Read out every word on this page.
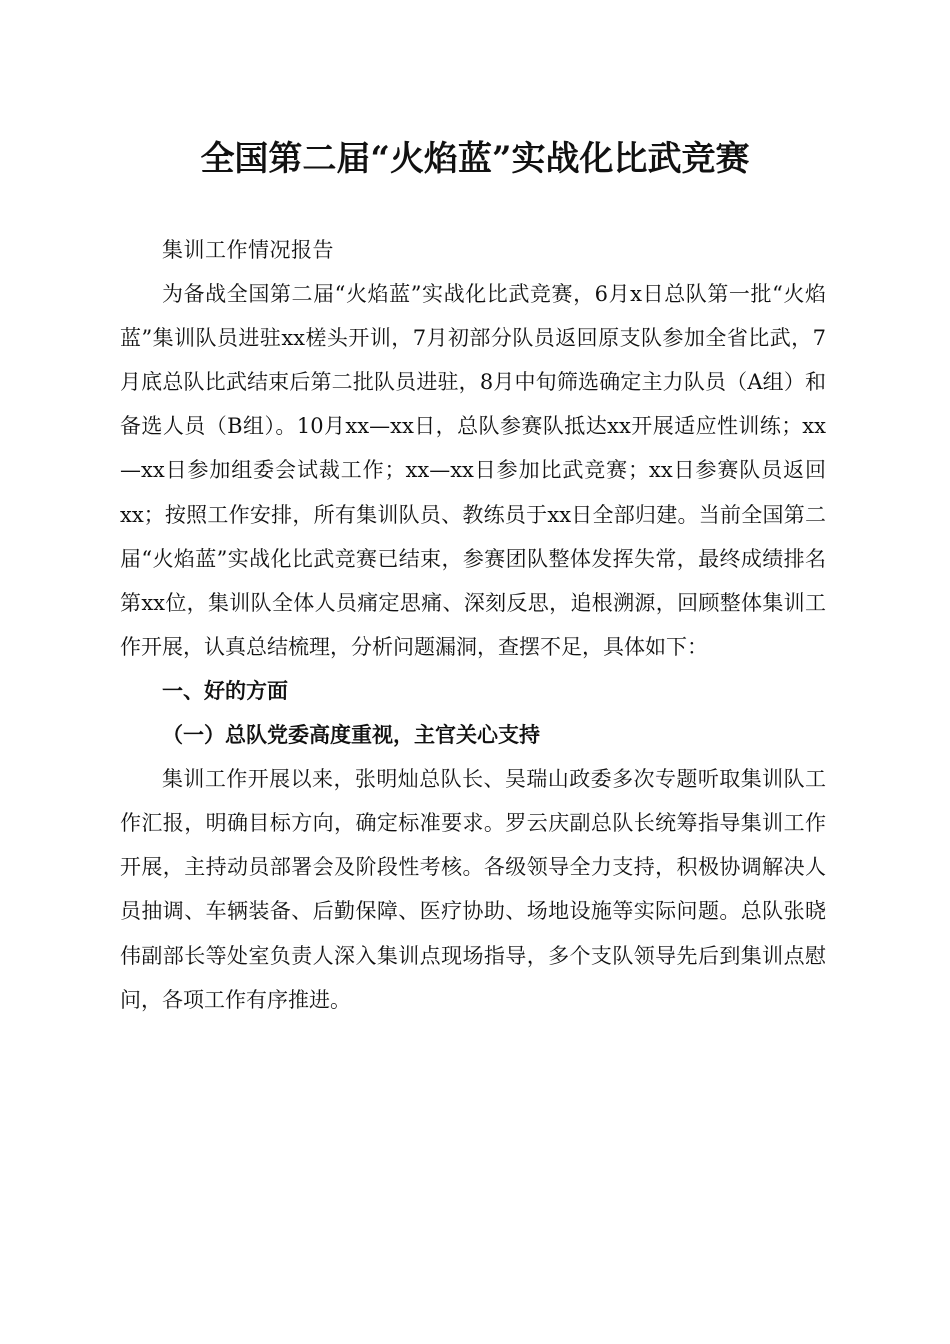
全国第二届“火焰蓝”实战化比武竞赛

集训工作情况报告

为备战全国第二届“火焰蓝”实战化比武竞赛，6月x日总队第一批“火焰蓝”集训队员进驻xx槎头开训，7月初部分队员返回原支队参加全省比武，7月底总队比武结束后第二批队员进驻，8月中旬筛选确定主力队员（A组）和备选人员（B组）。10月xx—xx日，总队参赛队抵达xx开展适应性训练；xx—xx日参加组委会试裁工作；xx—xx日参加比武竞赛；xx日参赛队员返回xx；按照工作安排，所有集训队员、教练员于xx日全部归建。当前全国第二届“火焰蓝”实战化比武竞赛已结束，参赛团队整体发挥失常，最终成绩排名第xx位，集训队全体人员痛定思痛、深刻反思，追根溯源，回顾整体集训工作开展，认真总结梳理，分析问题漏洞，查摆不足，具体如下：

一、好的方面

（一）总队党委高度重视，主官关心支持

集训工作开展以来，张明灿总队长、吴瑞山政委多次专题听取集训队工作汇报，明确目标方向，确定标准要求。罗云庆副总队长统筹指导集训工作开展，主持动员部署会及阶段性考核。各级领导全力支持，积极协调解决人员抽调、车辆装备、后勤保障、医疗协助、场地设施等实际问题。总队张晓伟副部长等处室负责人深入集训点现场指导，多个支队领导先后到集训点慰问，各项工作有序推进。
